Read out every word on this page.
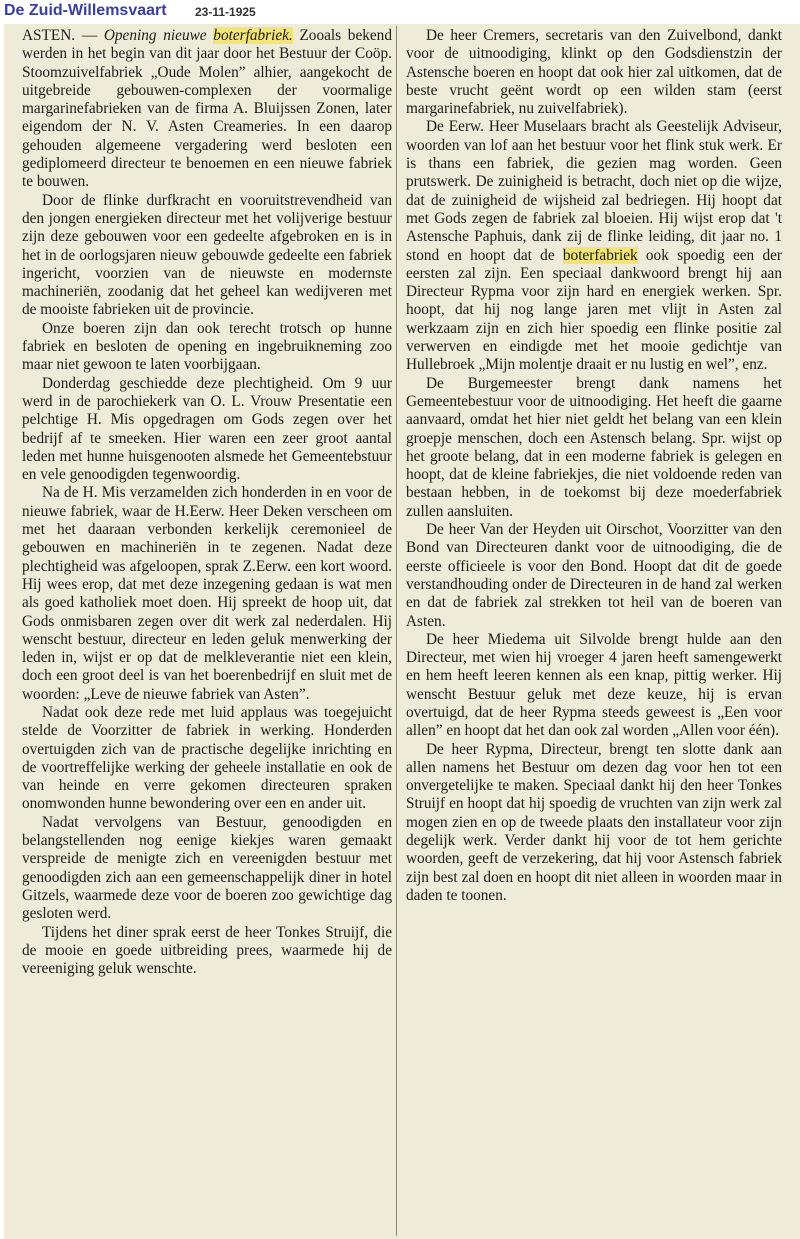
De Zuid-Willemsvaart 23-11-1925

ASTEN. — Opening nieuwe boterfabriek. Zooals bekend werden in het begin van dit jaar door het Bestuur der Coöp. Stoomzuivelfabriek „Oude Molen” alhier, aangekocht de uitgebreide gebouwen-complexen der voormalige margarinefabrieken van de firma A. Bluijssen Zonen, later eigendom der N. V. Asten Creameries. In een daarop gehouden algemeene vergadering werd besloten een gediplomeerd directeur te benoemen en een nieuwe fabriek te bouwen.

Door de flinke durfkracht en vooruitstrevendheid van den jongen energieken directeur met het volijverige bestuur zijn deze gebouwen voor een gedeelte afgebroken en is in het in de oorlogsjaren nieuw gebouwde gedeelte een fabriek ingericht, voorzien van de nieuwste en modernste machineriën, zoodanig dat het geheel kan wedijveren met de mooiste fabrieken uit de provincie.

Onze boeren zijn dan ook terecht trotsch op hunne fabriek en besloten de opening en ingebruikneming zoo maar niet gewoon te laten voorbijgaan.

Donderdag geschiedde deze plechtigheid. Om 9 uur werd in de parochiekerk van O. L. Vrouw Presentatie een pelchtige H. Mis opgedragen om Gods zegen over het bedrijf af te smeeken. Hier waren een zeer groot aantal leden met hunne huisgenooten alsmede het Gemeentebstuur en vele genoodigden tegenwoordig.

Na de H. Mis verzamelden zich honderden in en voor de nieuwe fabriek, waar de H.Eerw. Heer Deken verscheen om met het daaraan verbonden kerkelijk ceremonieel de gebouwen en machineriën in te zegenen. Nadat deze plechtigheid was afgeloopen, sprak Z.Eerw. een kort woord. Hij wees erop, dat met deze inzegening gedaan is wat men als goed katholiek moet doen. Hij spreekt de hoop uit, dat Gods onmisbaren zegen over dit werk zal nederdalen. Hij wenscht bestuur, directeur en leden geluk menwerking der leden in, wijst er op dat de melkleverantie niet een klein, doch een groot deel is van het boerenbedrijf en sluit met de woorden: „Leve de nieuwe fabriek van Asten”.

Nadat ook deze rede met luid applaus was toegejuicht stelde de Voorzitter de fabriek in werking. Honderden overtuigden zich van de practische degelijke inrichting en de voortreffelijke werking der geheele installatie en ook de van heinde en verre gekomen directeuren spraken onomwonden hunne bewondering over een en ander uit.

Nadat vervolgens van Bestuur, genoodigden en belangstellenden nog eenige kiekjes waren gemaakt verspreide de menigte zich en vereenigden bestuur met genoodigden zich aan een gemeenschappelijk diner in hotel Gitzels, waarmede deze voor de boeren zoo gewichtige dag gesloten werd.

Tijdens het diner sprak eerst de heer Tonkes Struijf, die de mooie en goede uitbreiding prees, waarmede hij de vereeniging geluk wenschte.

De heer Cremers, secretaris van den Zuivelbond, dankt voor de uitnoodiging, klinkt op den Godsdienstzin der Astensche boeren en hoopt dat ook hier zal uitkomen, dat de beste vrucht geënt wordt op een wilden stam (eerst margarinefabriek, nu zuivelfabriek).

De Eerw. Heer Muselaars bracht als Geestelijk Adviseur, woorden van lof aan het bestuur voor het flink stuk werk. Er is thans een fabriek, die gezien mag worden. Geen prutswerk. De zuinigheid is betracht, doch niet op die wijze, dat de zuinigheid de wijsheid zal bedriegen. Hij hoopt dat met Gods zegen de fabriek zal bloeien. Hij wijst erop dat 't Astensche Paphuis, dank zij de flinke leiding, dit jaar no. 1 stond en hoopt dat de boterfabriek ook spoedig een der eersten zal zijn. Een speciaal dankwoord brengt hij aan Directeur Rypma voor zijn hard en energiek werken. Spr. hoopt, dat hij nog lange jaren met vlijt in Asten zal werkzaam zijn en zich hier spoedig een flinke positie zal verwerven en eindigde met het mooie gedichtje van Hullebroek „Mijn molentje draait er nu lustig en wel”, enz.

De Burgemeester brengt dank namens het Gemeentebestuur voor de uitnoodiging. Het heeft die gaarne aanvaard, omdat het hier niet geldt het belang van een klein groepje menschen, doch een Astensch belang. Spr. wijst op het groote belang, dat in een moderne fabriek is gelegen en hoopt, dat de kleine fabriekjes, die niet voldoende reden van bestaan hebben, in de toekomst bij deze moederfabriek zullen aansluiten.

De heer Van der Heyden uit Oirschot, Voorzitter van den Bond van Directeuren dankt voor de uitnoodiging, die de eerste officieele is voor den Bond. Hoopt dat dit de goede verstandhouding onder de Directeuren in de hand zal werken en dat de fabriek zal strekken tot heil van de boeren van Asten.

De heer Miedema uit Silvolde brengt hulde aan den Directeur, met wien hij vroeger 4 jaren heeft samengewerkt en hem heeft leeren kennen als een knap, pittig werker. Hij wenscht Bestuur geluk met deze keuze, hij is ervan overtuigd, dat de heer Rypma steeds geweest is „Een voor allen” en hoopt dat het dan ook zal worden „Allen voor één).

De heer Rypma, Directeur, brengt ten slotte dank aan allen namens het Bestuur om dezen dag voor hen tot een onvergetelijke te maken. Speciaal dankt hij den heer Tonkes Struijf en hoopt dat hij spoedig de vruchten van zijn werk zal mogen zien en op de tweede plaats den installateur voor zijn degelijk werk. Verder dankt hij voor de tot hem gerichte woorden, geeft de verzekering, dat hij voor Astensch fabriek zijn best zal doen en hoopt dit niet alleen in woorden maar in daden te toonen.
